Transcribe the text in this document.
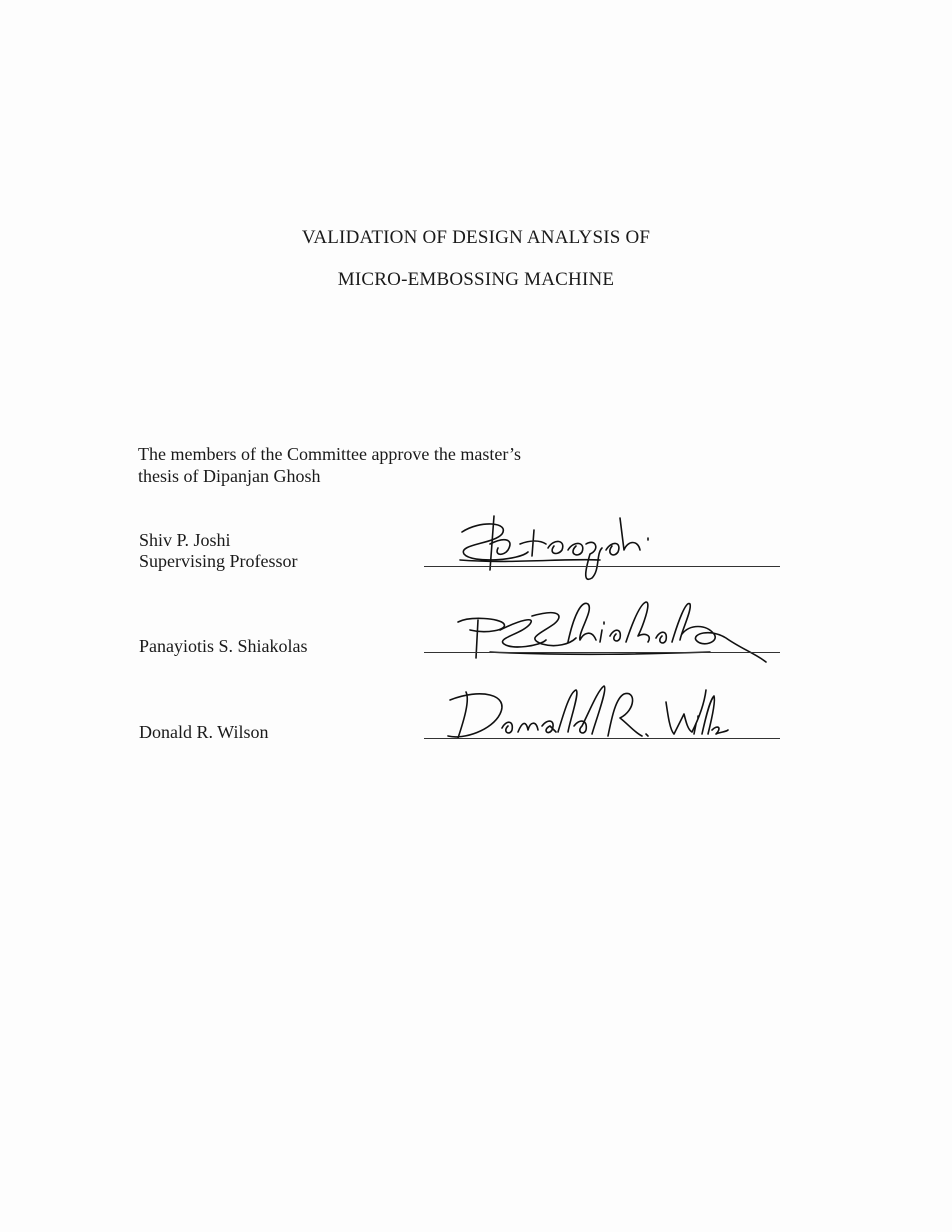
VALIDATION OF DESIGN ANALYSIS OF
MICRO-EMBOSSING MACHINE
The members of the Committee approve the master’s
thesis of Dipanjan Ghosh
Shiv P. Joshi
Supervising Professor
Panayiotis S. Shiakolas
Donald R. Wilson
